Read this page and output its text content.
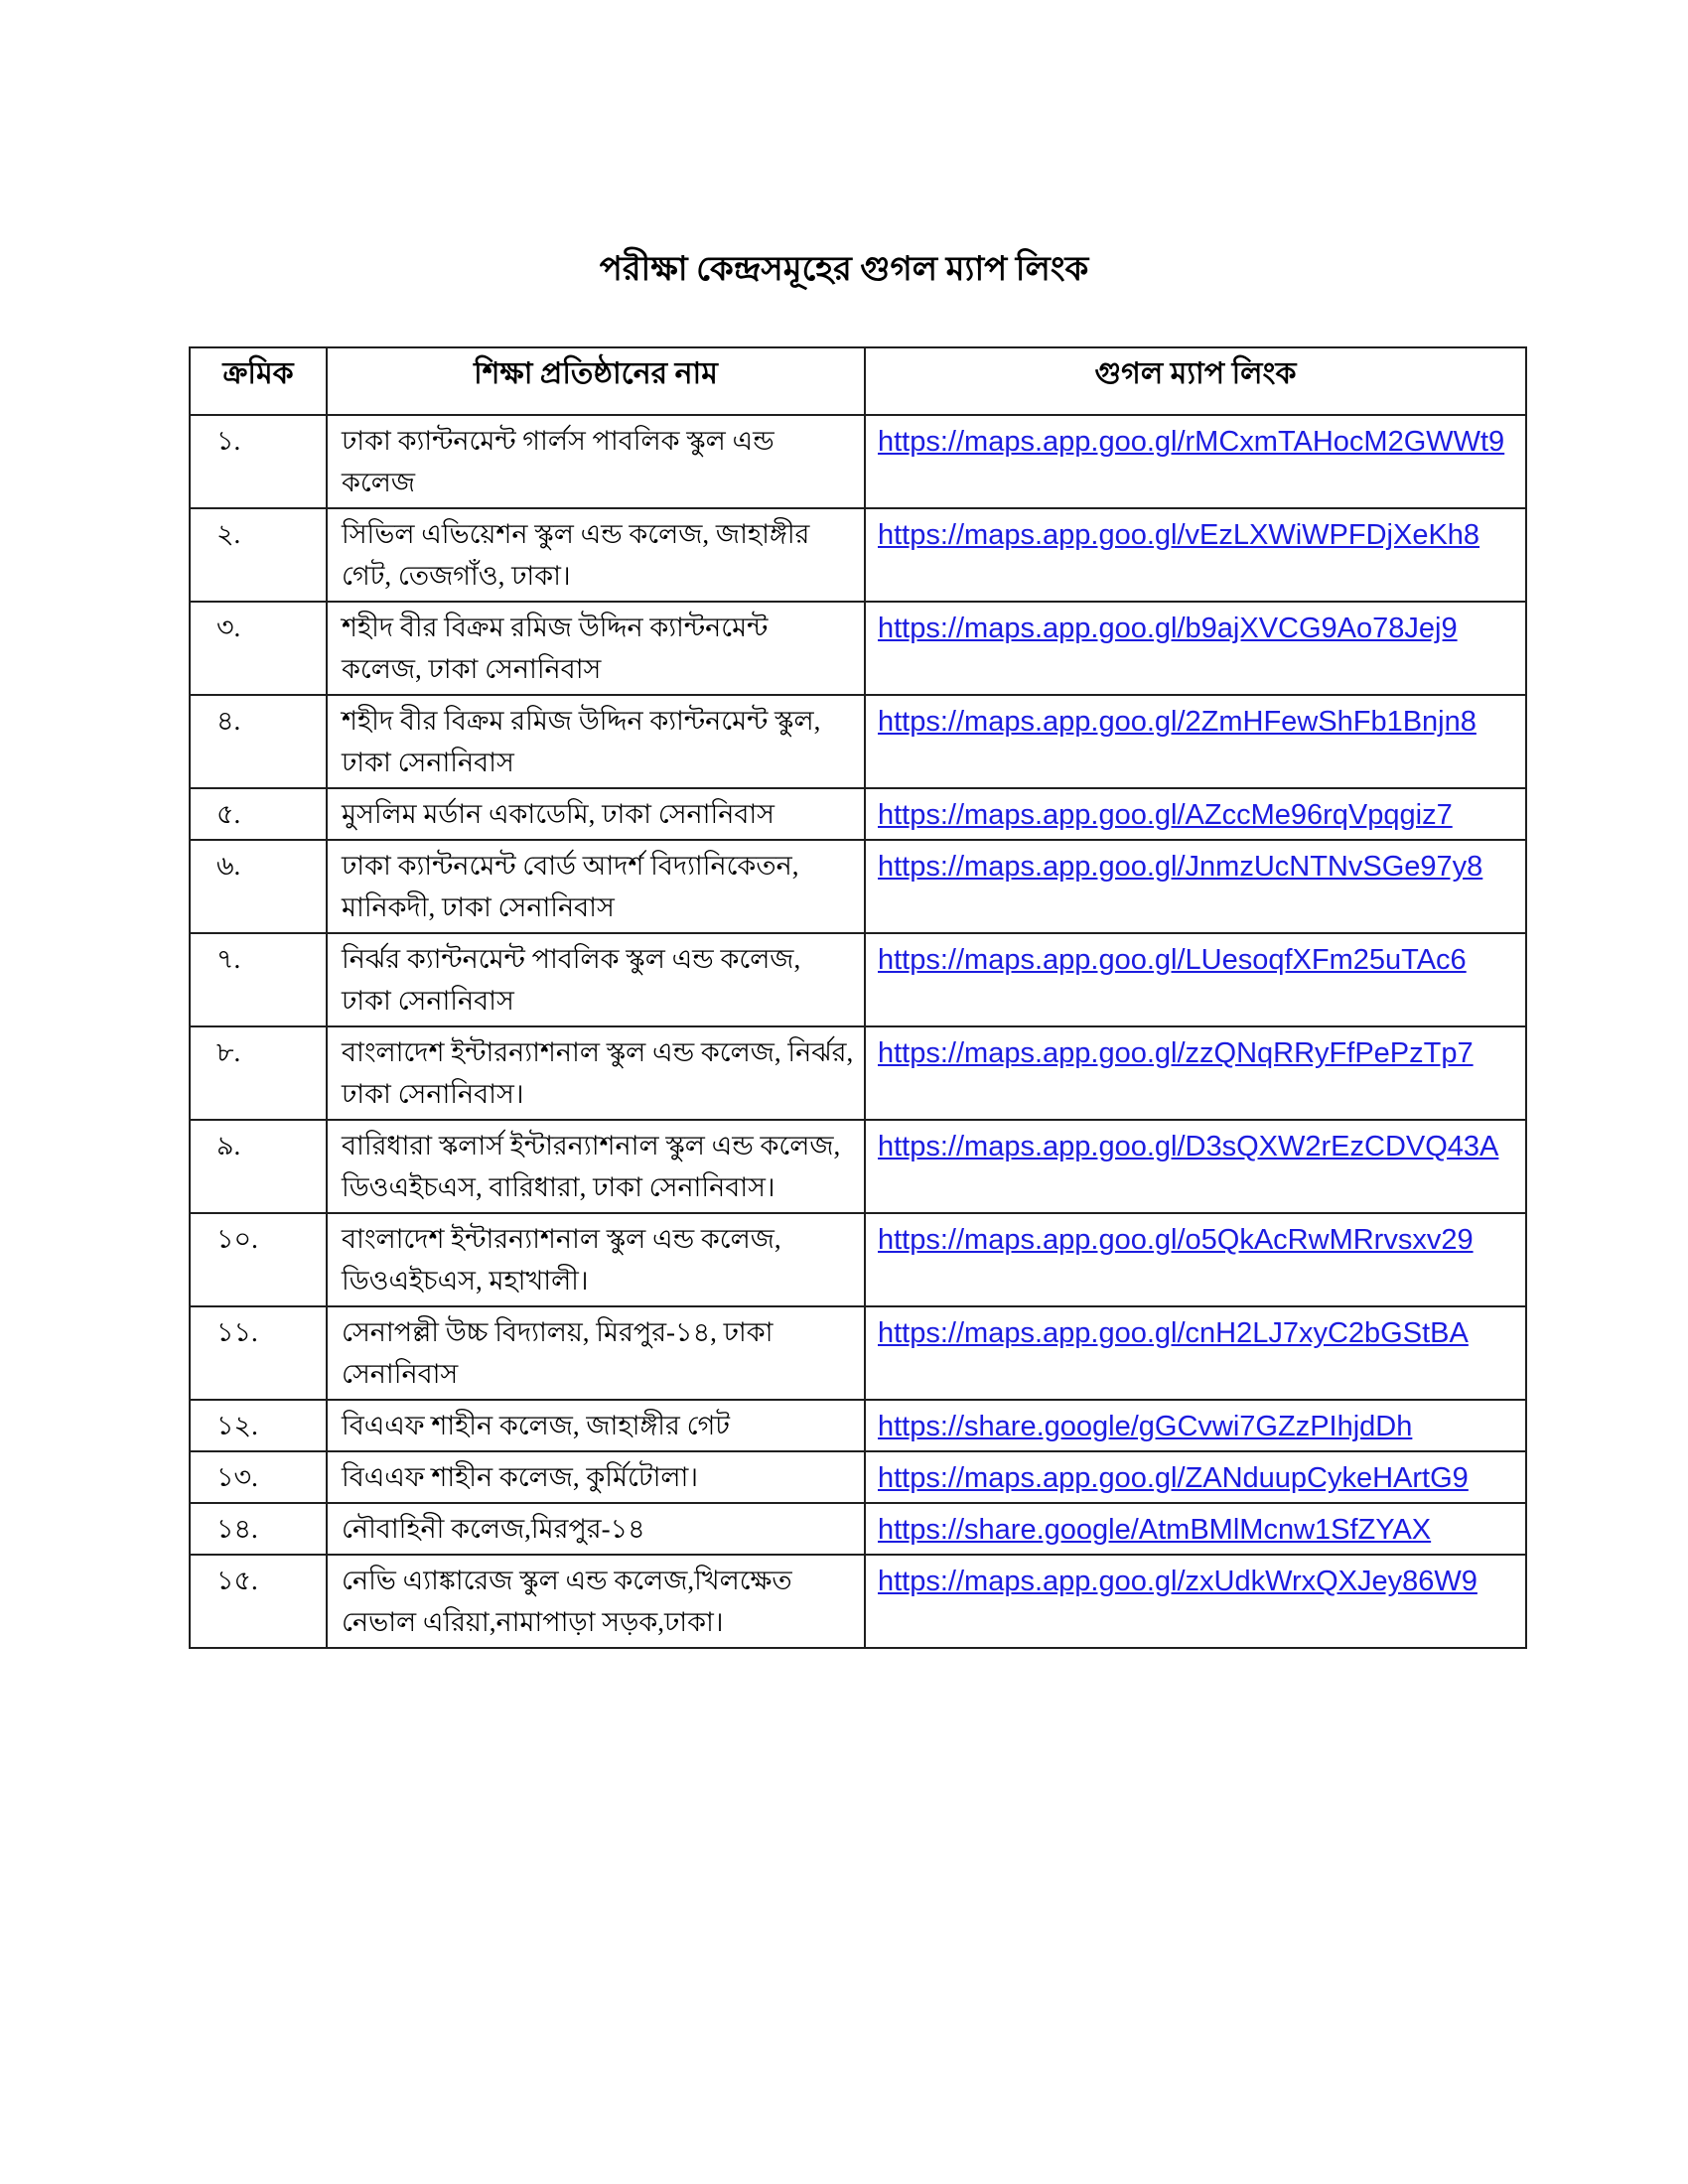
পরীক্ষা কেন্দ্রসমূহের গুগল ম্যাপ লিংক
ক্রমিক	শিক্ষা প্রতিষ্ঠানের নাম	গুগল ম্যাপ লিংক
১.	ঢাকা ক্যান্টনমেন্ট গার্লস পাবলিক স্কুল এন্ড কলেজ	https://maps.app.goo.gl/rMCxmTAHocM2GWWt9
২.	সিভিল এভিয়েশন স্কুল এন্ড কলেজ, জাহাঙ্গীর গেট, তেজগাঁও, ঢাকা।	https://maps.app.goo.gl/vEzLXWiWPFDjXeKh8
৩.	শহীদ বীর বিক্রম রমিজ উদ্দিন ক্যান্টনমেন্ট কলেজ, ঢাকা সেনানিবাস	https://maps.app.goo.gl/b9ajXVCG9Ao78Jej9
৪.	শহীদ বীর বিক্রম রমিজ উদ্দিন ক্যান্টনমেন্ট স্কুল, ঢাকা সেনানিবাস	https://maps.app.goo.gl/2ZmHFewShFb1Bnjn8
৫.	মুসলিম মর্ডান একাডেমি, ঢাকা সেনানিবাস	https://maps.app.goo.gl/AZccMe96rqVpqgiz7
৬.	ঢাকা ক্যান্টনমেন্ট বোর্ড আদর্শ বিদ্যানিকেতন, মানিকদী, ঢাকা সেনানিবাস	https://maps.app.goo.gl/JnmzUcNTNvSGe97y8
৭.	নির্ঝর ক্যান্টনমেন্ট পাবলিক স্কুল এন্ড কলেজ, ঢাকা সেনানিবাস	https://maps.app.goo.gl/LUesoqfXFm25uTAc6
৮.	বাংলাদেশ ইন্টারন্যাশনাল স্কুল এন্ড কলেজ, নির্ঝর, ঢাকা সেনানিবাস।	https://maps.app.goo.gl/zzQNqRRyFfPePzTp7
৯.	বারিধারা স্কলার্স ইন্টারন্যাশনাল স্কুল এন্ড কলেজ, ডিওএইচএস, বারিধারা, ঢাকা সেনানিবাস।	https://maps.app.goo.gl/D3sQXW2rEzCDVQ43A
১০.	বাংলাদেশ ইন্টারন্যাশনাল স্কুল এন্ড কলেজ, ডিওএইচএস, মহাখালী।	https://maps.app.goo.gl/o5QkAcRwMRrvsxv29
১১.	সেনাপল্লী উচ্চ বিদ্যালয়, মিরপুর-১৪, ঢাকা সেনানিবাস	https://maps.app.goo.gl/cnH2LJ7xyC2bGStBA
১২.	বিএএফ শাহীন কলেজ, জাহাঙ্গীর গেট	https://share.google/gGCvwi7GZzPIhjdDh
১৩.	বিএএফ শাহীন কলেজ, কুর্মিটোলা।	https://maps.app.goo.gl/ZANduupCykeHArtG9
১৪.	নৌবাহিনী কলেজ,মিরপুর-১৪	https://share.google/AtmBMlMcnw1SfZYAX
১৫.	নেভি এ্যাঙ্কারেজ স্কুল এন্ড কলেজ,খিলক্ষেত নেভাল এরিয়া,নামাপাড়া সড়ক,ঢাকা।	https://maps.app.goo.gl/zxUdkWrxQXJey86W9
